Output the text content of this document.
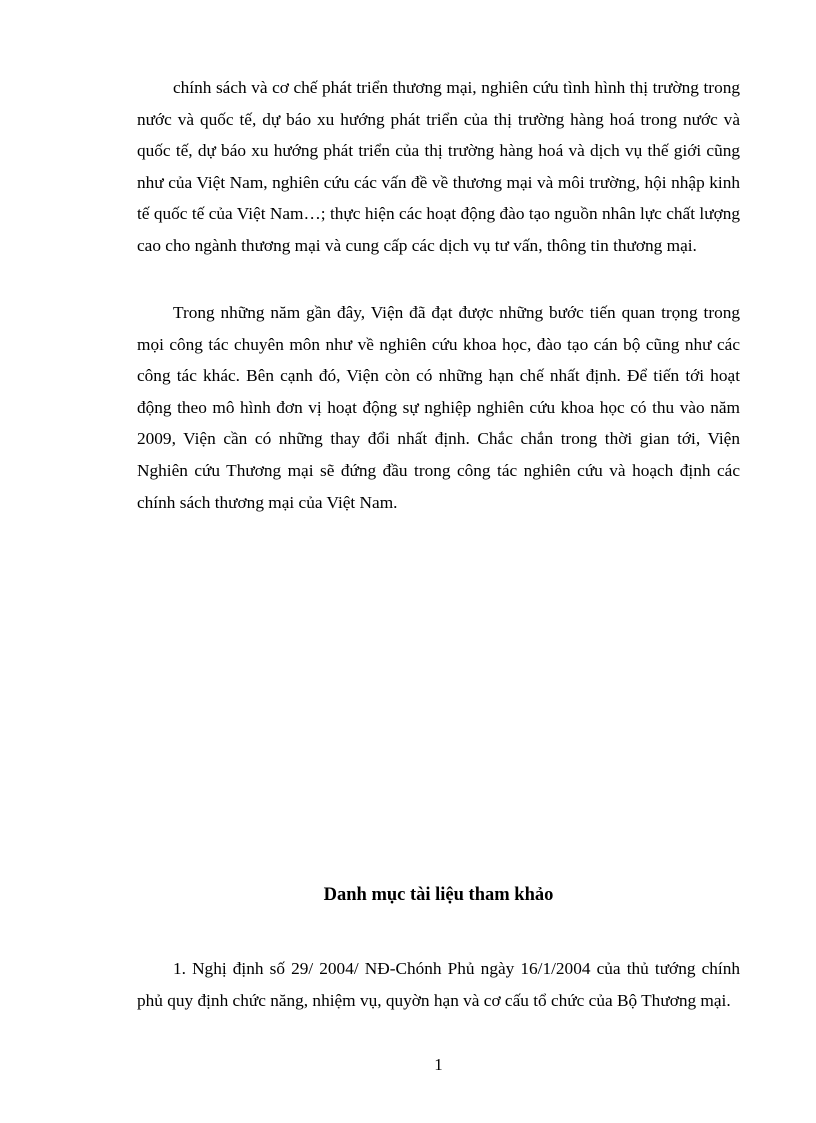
chính sách và cơ chế phát triển thương mại, nghiên cứu tình hình thị trường trong nước và quốc tế, dự báo xu hướng phát triển của thị trường hàng hoá trong nước và quốc tế, dự báo xu hướng phát triển của thị trường hàng hoá và dịch vụ thế giới cũng như của Việt Nam, nghiên cứu các vấn đề về thương mại và môi trường, hội nhập kinh tế quốc tế của Việt Nam…; thực hiện các hoạt động đào tạo nguồn nhân lực chất lượng cao cho ngành thương mại và cung cấp các dịch vụ tư vấn, thông tin thương mại.

Trong những năm gần đây, Viện đã đạt được những bước tiến quan trọng trong mọi công tác chuyên môn như về nghiên cứu khoa học, đào tạo cán bộ cũng như các công tác khác. Bên cạnh đó, Viện còn có những hạn chế nhất định. Để tiến tới hoạt động theo mô hình đơn vị hoạt động sự nghiệp nghiên cứu khoa học có thu vào năm 2009, Viện cần có những thay đổi nhất định. Chắc chắn trong thời gian tới, Viện Nghiên cứu Thương mại sẽ đứng đầu trong công tác nghiên cứu và hoạch định các chính sách thương mại của Việt Nam.

Danh mục tài liệu tham khảo

1. Nghị định số 29/ 2004/ NĐ-Chónh Phủ ngày 16/1/2004 của thủ tướng chính phủ quy định chức năng, nhiệm vụ, quyờn hạn và cơ cấu tổ chức của Bộ Thương mại.

1
